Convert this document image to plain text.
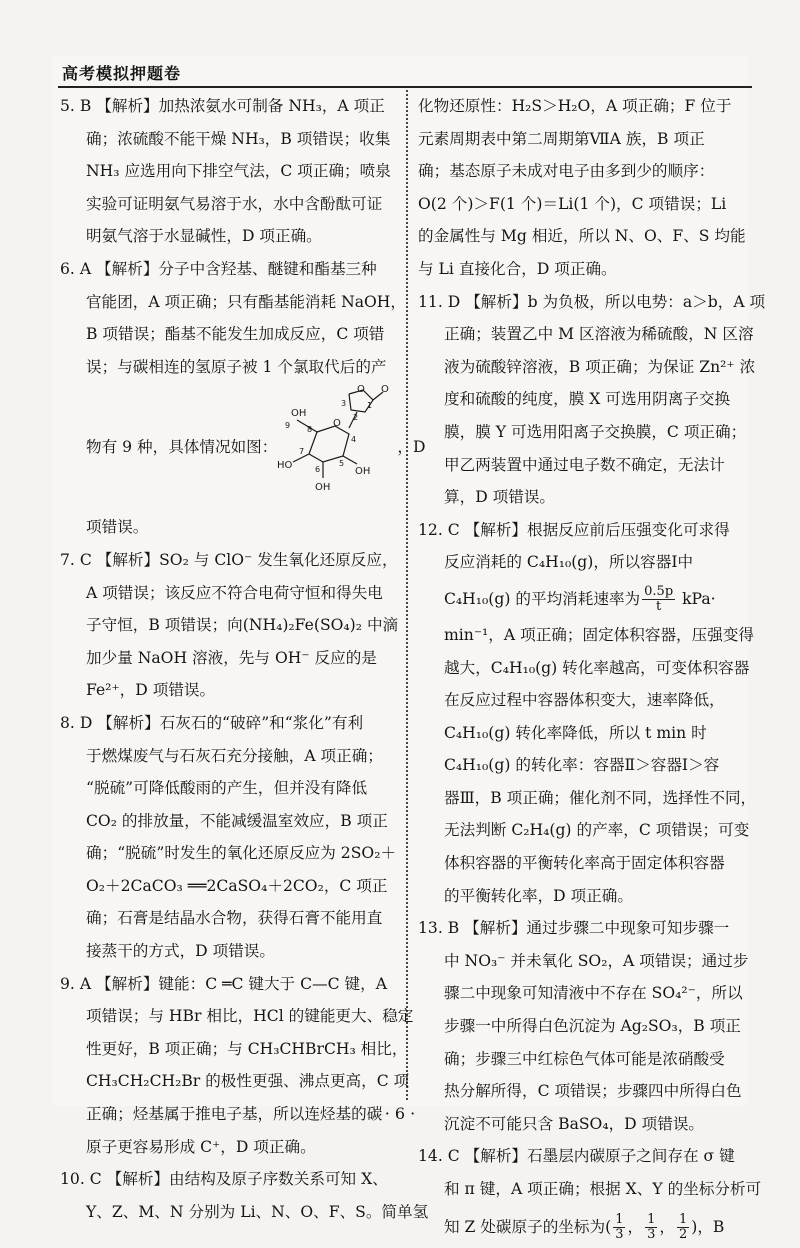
高考模拟押题卷
5. B 【解析】加热浓氨水可制备 NH₃，A 项正
确；浓硫酸不能干燥 NH₃，B 项错误；收集
NH₃ 应选用向下排空气法，C 项正确；喷泉
实验可证明氨气易溶于水，水中含酚酞可证
明氨气溶于水显碱性，D 项正确。
6. A 【解析】分子中含羟基、醚键和酯基三种
官能团，A 项正确；只有酯基能消耗 NaOH，
B 项错误；酯基不能发生加成反应，C 项错
误；与碳相连的氢原子被 1 个氯取代后的产
物有 9 种，具体情况如图：
O O
O
1
2
3
4
5
6
7
8
9
OH
HO
OH
OH
，D
项错误。
7. C 【解析】SO₂ 与 ClO⁻ 发生氧化还原反应，
A 项错误；该反应不符合电荷守恒和得失电
子守恒，B 项错误；向(NH₄)₂Fe(SO₄)₂ 中滴
加少量 NaOH 溶液，先与 OH⁻ 反应的是
Fe²⁺，D 项错误。
8. D 【解析】石灰石的“破碎”和“浆化”有利
于燃煤废气与石灰石充分接触，A 项正确；
“脱硫”可降低酸雨的产生，但并没有降低
CO₂ 的排放量，不能减缓温室效应，B 项正
确；“脱硫”时发生的氧化还原反应为 2SO₂＋
O₂＋2CaCO₃ ══2CaSO₄＋2CO₂，C 项正
确；石膏是结晶水合物，获得石膏不能用直
接蒸干的方式，D 项错误。
9. A 【解析】键能：C ═C 键大于 C—C 键，A
项错误；与 HBr 相比，HCl 的键能更大、稳定
性更好，B 项正确；与 CH₃CHBrCH₃ 相比，
CH₃CH₂CH₂Br 的极性更强、沸点更高，C 项
正确；烃基属于推电子基，所以连烃基的碳
原子更容易形成 C⁺，D 项正确。
10. C 【解析】由结构及原子序数关系可知 X、
Y、Z、M、N 分别为 Li、N、O、F、S。简单氢
化物还原性：H₂S＞H₂O，A 项正确；F 位于
元素周期表中第二周期第ⅦA 族，B 项正
确；基态原子未成对电子由多到少的顺序：
O(2 个)＞F(1 个)＝Li(1 个)，C 项错误；Li
的金属性与 Mg 相近，所以 N、O、F、S 均能
与 Li 直接化合，D 项正确。
11. D 【解析】b 为负极，所以电势：a＞b，A 项
正确；装置乙中 M 区溶液为稀硫酸，N 区溶
液为硫酸锌溶液，B 项正确；为保证 Zn²⁺ 浓
度和硫酸的纯度，膜 X 可选用阴离子交换
膜，膜 Y 可选用阳离子交换膜，C 项正确；
甲乙两装置中通过电子数不确定，无法计
算，D 项错误。
12. C 【解析】根据反应前后压强变化可求得
反应消耗的 C₄H₁₀(g)，所以容器Ⅰ中
C₄H₁₀(g) 的平均消耗速率为 $\frac{0.5p}{t} kPa\cdot$
min⁻¹，A 项正确；固定体积容器，压强变得
越大，C₄H₁₀(g) 转化率越高，可变体积容器
在反应过程中容器体积变大，速率降低，
C₄H₁₀(g) 转化率降低，所以 t min 时
C₄H₁₀(g) 的转化率：容器Ⅱ＞容器Ⅰ＞容
器Ⅲ，B 项正确；催化剂不同，选择性不同，
无法判断 C₂H₄(g) 的产率，C 项错误；可变
体积容器的平衡转化率高于固定体积容器
的平衡转化率，D 项正确。
13. B 【解析】通过步骤二中现象可知步骤一
中 NO₃⁻ 并未氧化 SO₂，A 项错误；通过步
骤二中现象可知清液中不存在 SO₄²⁻，所以
步骤一中所得白色沉淀为 Ag₂SO₃，B 项正
确；步骤三中红棕色气体可能是浓硝酸受
热分解所得，C 项错误；步骤四中所得白色
沉淀不可能只含 BaSO₄，D 项错误。
14. C 【解析】石墨层内碳原子之间存在 σ 键
和 π 键，A 项正确；根据 X、Y 的坐标分析可
知 Z 处碳原子的坐标为( $\frac{1}{3}$ ， $\frac{1}{3}$ ， $\frac{1}{2}$ )，B
· 6 ·
